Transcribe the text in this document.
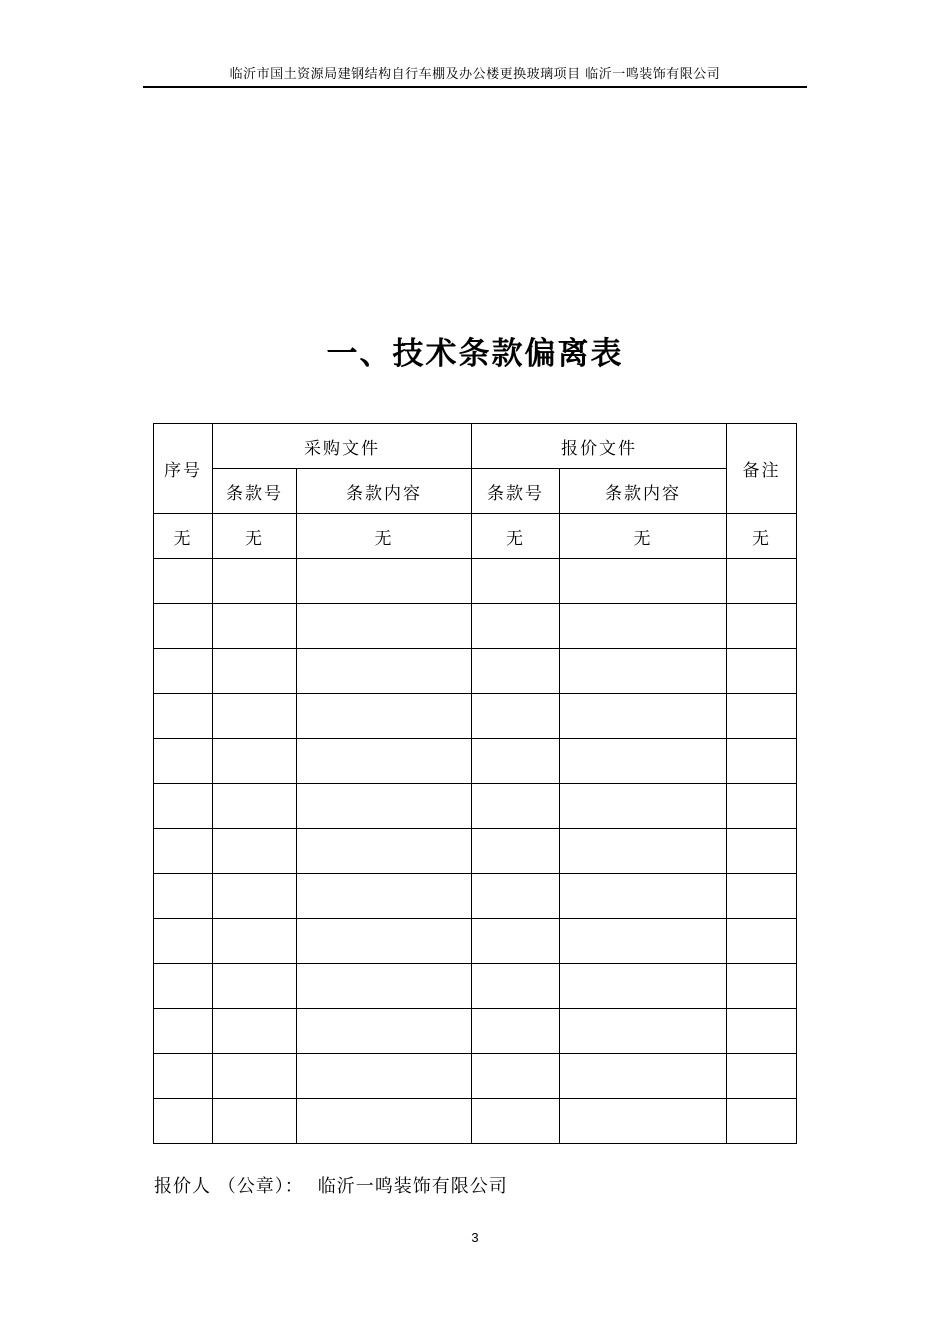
临沂市国土资源局建钢结构自行车棚及办公楼更换玻璃项目 临沂一鸣装饰有限公司
一、技术条款偏离表
序号	采购文件		报价文件		备注
	条款号	条款内容	条款号	条款内容	
无	无	无	无	无	无

报价人 （公章）： 临沂一鸣装饰有限公司
3
